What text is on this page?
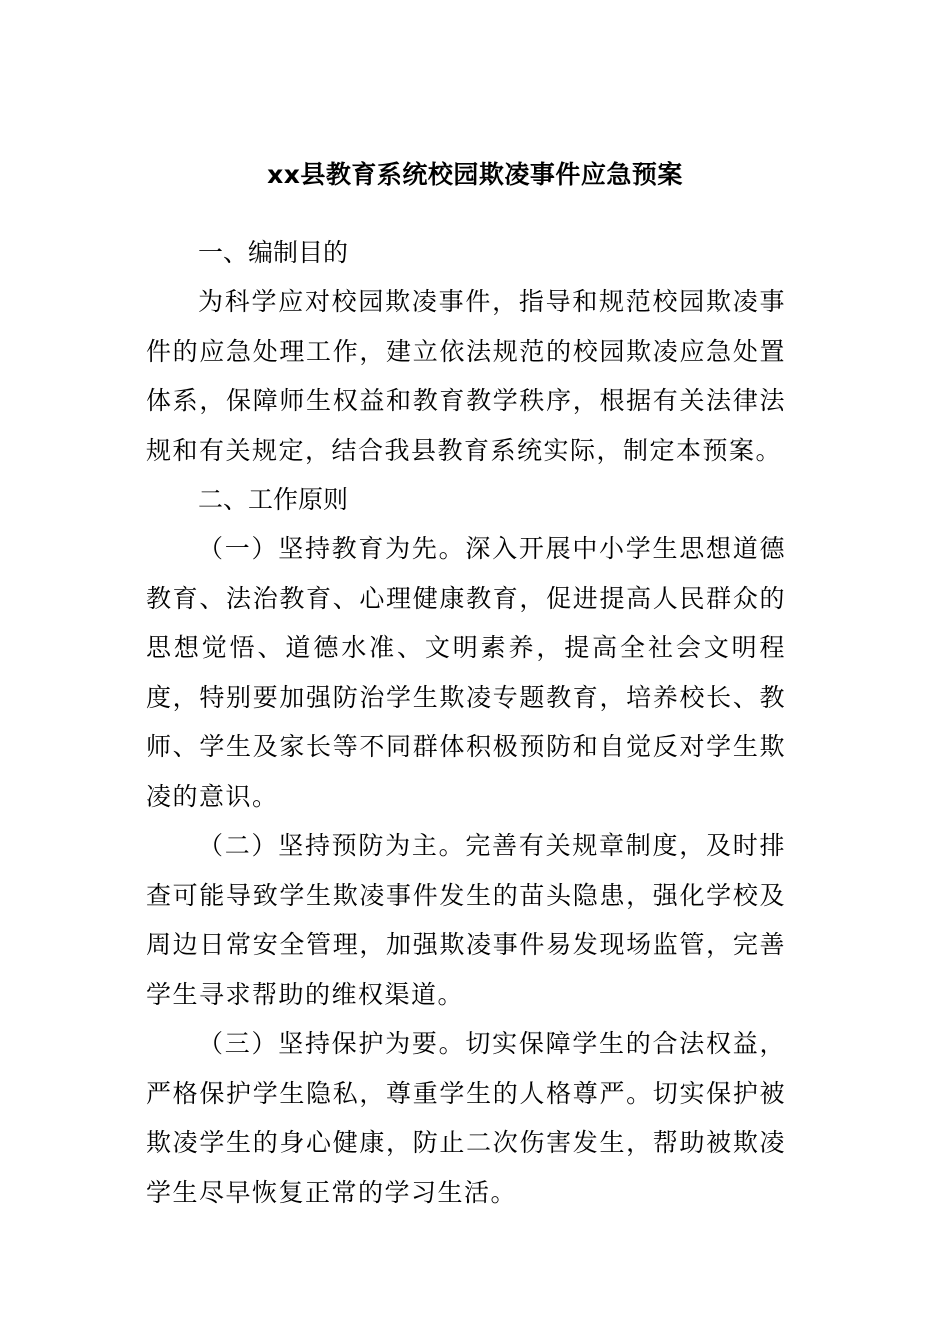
xx县教育系统校园欺凌事件应急预案
一、编制目的

为科学应对校园欺凌事件，指导和规范校园欺凌事件的应急处理工作，建立依法规范的校园欺凌应急处置体系，保障师生权益和教育教学秩序，根据有关法律法规和有关规定，结合我县教育系统实际，制定本预案。

二、工作原则

（一）坚持教育为先。深入开展中小学生思想道德教育、法治教育、心理健康教育，促进提高人民群众的思想觉悟、道德水准、文明素养，提高全社会文明程度，特别要加强防治学生欺凌专题教育，培养校长、教师、学生及家长等不同群体积极预防和自觉反对学生欺凌的意识。

（二）坚持预防为主。完善有关规章制度，及时排查可能导致学生欺凌事件发生的苗头隐患，强化学校及周边日常安全管理，加强欺凌事件易发现场监管，完善学生寻求帮助的维权渠道。

（三）坚持保护为要。切实保障学生的合法权益，严格保护学生隐私，尊重学生的人格尊严。切实保护被欺凌学生的身心健康，防止二次伤害发生，帮助被欺凌学生尽早恢复正常的学习生活。
